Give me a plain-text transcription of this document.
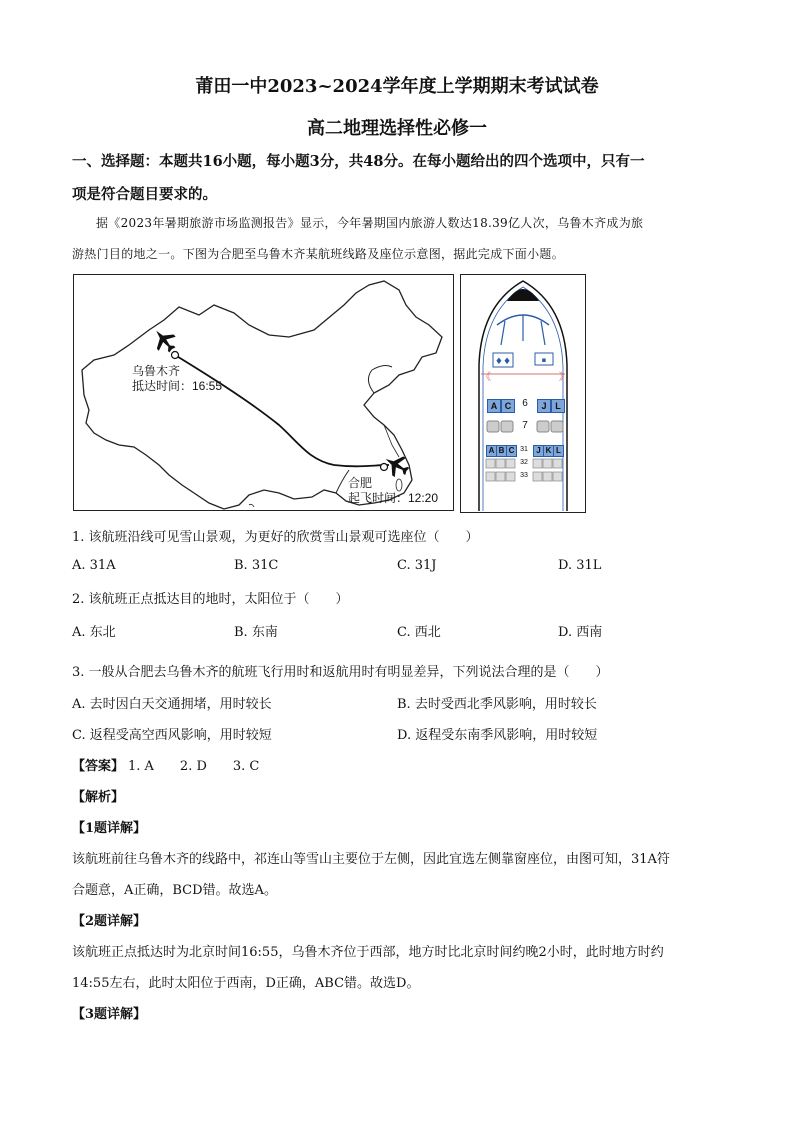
莆田一中2023~2024学年度上学期期末考试试卷
高二地理选择性必修一
一、选择题：本题共16小题，每小题3分，共48分。在每小题给出的四个选项中，只有一
项是符合题目要求的。
据《2023年暑期旅游市场监测报告》显示，今年暑期国内旅游人数达18.39亿人次，乌鲁木齐成为旅
游热门目的地之一。下图为合肥至乌鲁木齐某航班线路及座位示意图，据此完成下面小题。
乌鲁木齐
抵达时间：16:55
合肥
起飞时间：12:20
♦♦	▪
《	》
A C	6	J L
7
A B C 31	J K L
32
33
1. 该航班沿线可见雪山景观，为更好的欣赏雪山景观可选座位（　　）
A. 31A	B. 31C	C. 31J	D. 31L
2. 该航班正点抵达目的地时，太阳位于（　　）
A. 东北	B. 东南	C. 西北	D. 西南
3. 一般从合肥去乌鲁木齐的航班飞行用时和返航用时有明显差异，下列说法合理的是（　　）
A. 去时因白天交通拥堵，用时较长	B. 去时受西北季风影响，用时较长
C. 返程受高空西风影响，用时较短	D. 返程受东南季风影响，用时较短
【答案】 1. A　　2. D　　3. C
【解析】
【1题详解】
该航班前往乌鲁木齐的线路中，祁连山等雪山主要位于左侧，因此宜选左侧靠窗座位，由图可知，31A符
合题意，A正确，BCD错。故选A。
【2题详解】
该航班正点抵达时为北京时间16:55，乌鲁木齐位于西部，地方时比北京时间约晚2小时，此时地方时约
14:55左右，此时太阳位于西南，D正确，ABC错。故选D。
【3题详解】
